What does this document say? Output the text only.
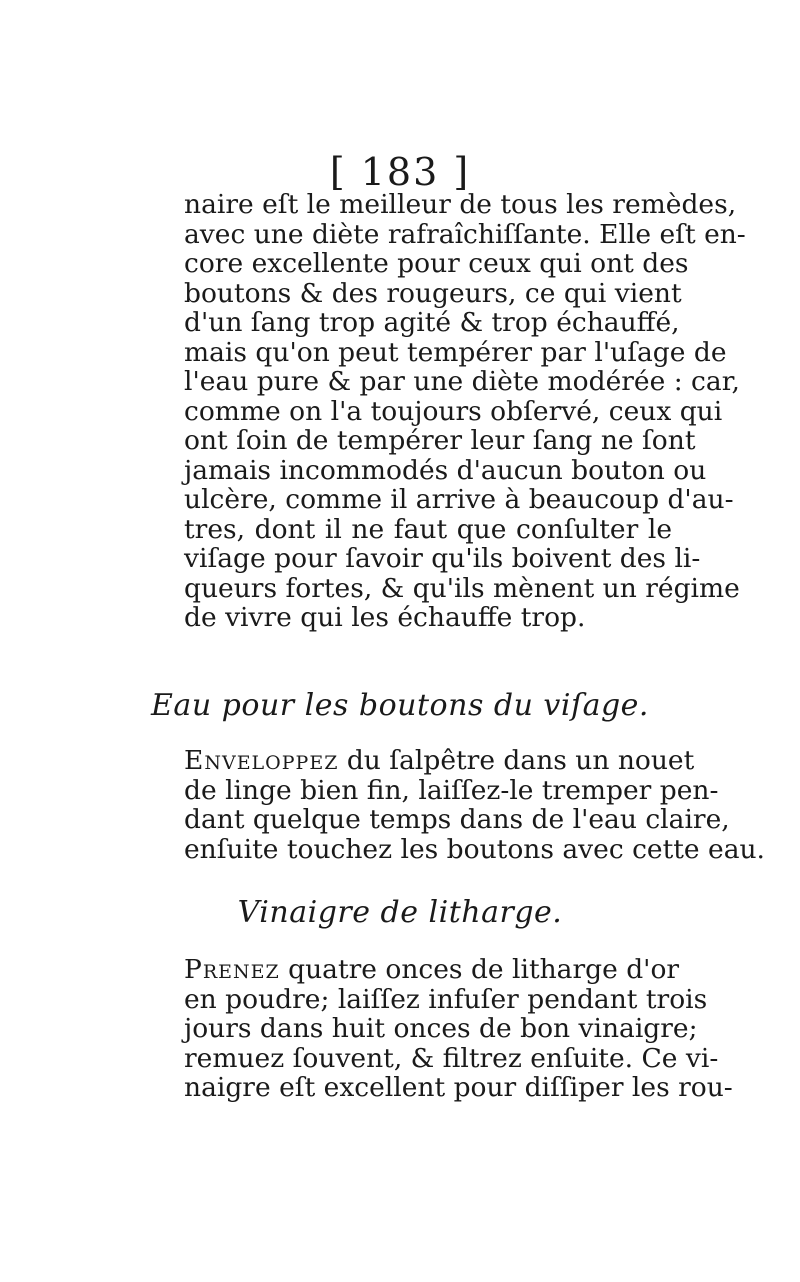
[ 183 ]
naire eſt le meilleur de tous les remèdes,
avec une diète rafraîchiſſante. Elle eſt en-
core excellente pour ceux qui ont des
boutons & des rougeurs, ce qui vient
d'un ſang trop agité & trop échauffé,
mais qu'on peut tempérer par l'uſage de
l'eau pure & par une diète modérée : car,
comme on l'a toujours obſervé, ceux qui
ont ſoin de tempérer leur ſang ne ſont
jamais incommodés d'aucun bouton ou
ulcère, comme il arrive à beaucoup d'au-
tres, dont il ne faut que conſulter le
viſage pour ſavoir qu'ils boivent des li-
queurs fortes, & qu'ils mènent un régime
de vivre qui les échauffe trop.
Eau pour les boutons du viſage.
Enveloppez du ſalpêtre dans un nouet
de linge bien fin, laiſſez-le tremper pen-
dant quelque temps dans de l'eau claire,
enſuite touchez les boutons avec cette eau.
Vinaigre de litharge.
Prenez quatre onces de litharge d'or
en poudre; laiſſez infuſer pendant trois
jours dans huit onces de bon vinaigre;
remuez ſouvent, & filtrez enſuite. Ce vi-
naigre eſt excellent pour diſſiper les rou-
